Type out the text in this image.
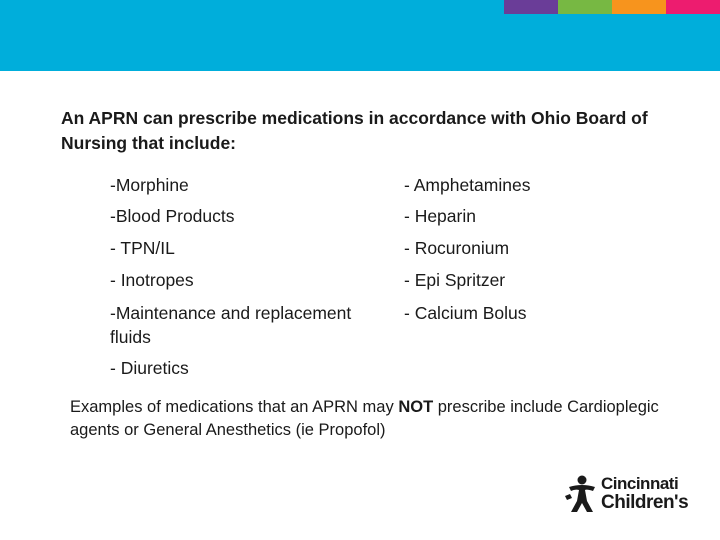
An APRN can prescribe medications in accordance with Ohio Board of Nursing that include:

-Morphine
-Blood Products
- TPN/IL
- Inotropes
-Maintenance and replacement fluids
- Diuretics
- Amphetamines
- Heparin
- Rocuronium
- Epi Spritzer
- Calcium Bolus
Examples of medications that an APRN may NOT prescribe include Cardioplegic agents or General Anesthetics (ie Propofol)
Cincinnati
Children's
